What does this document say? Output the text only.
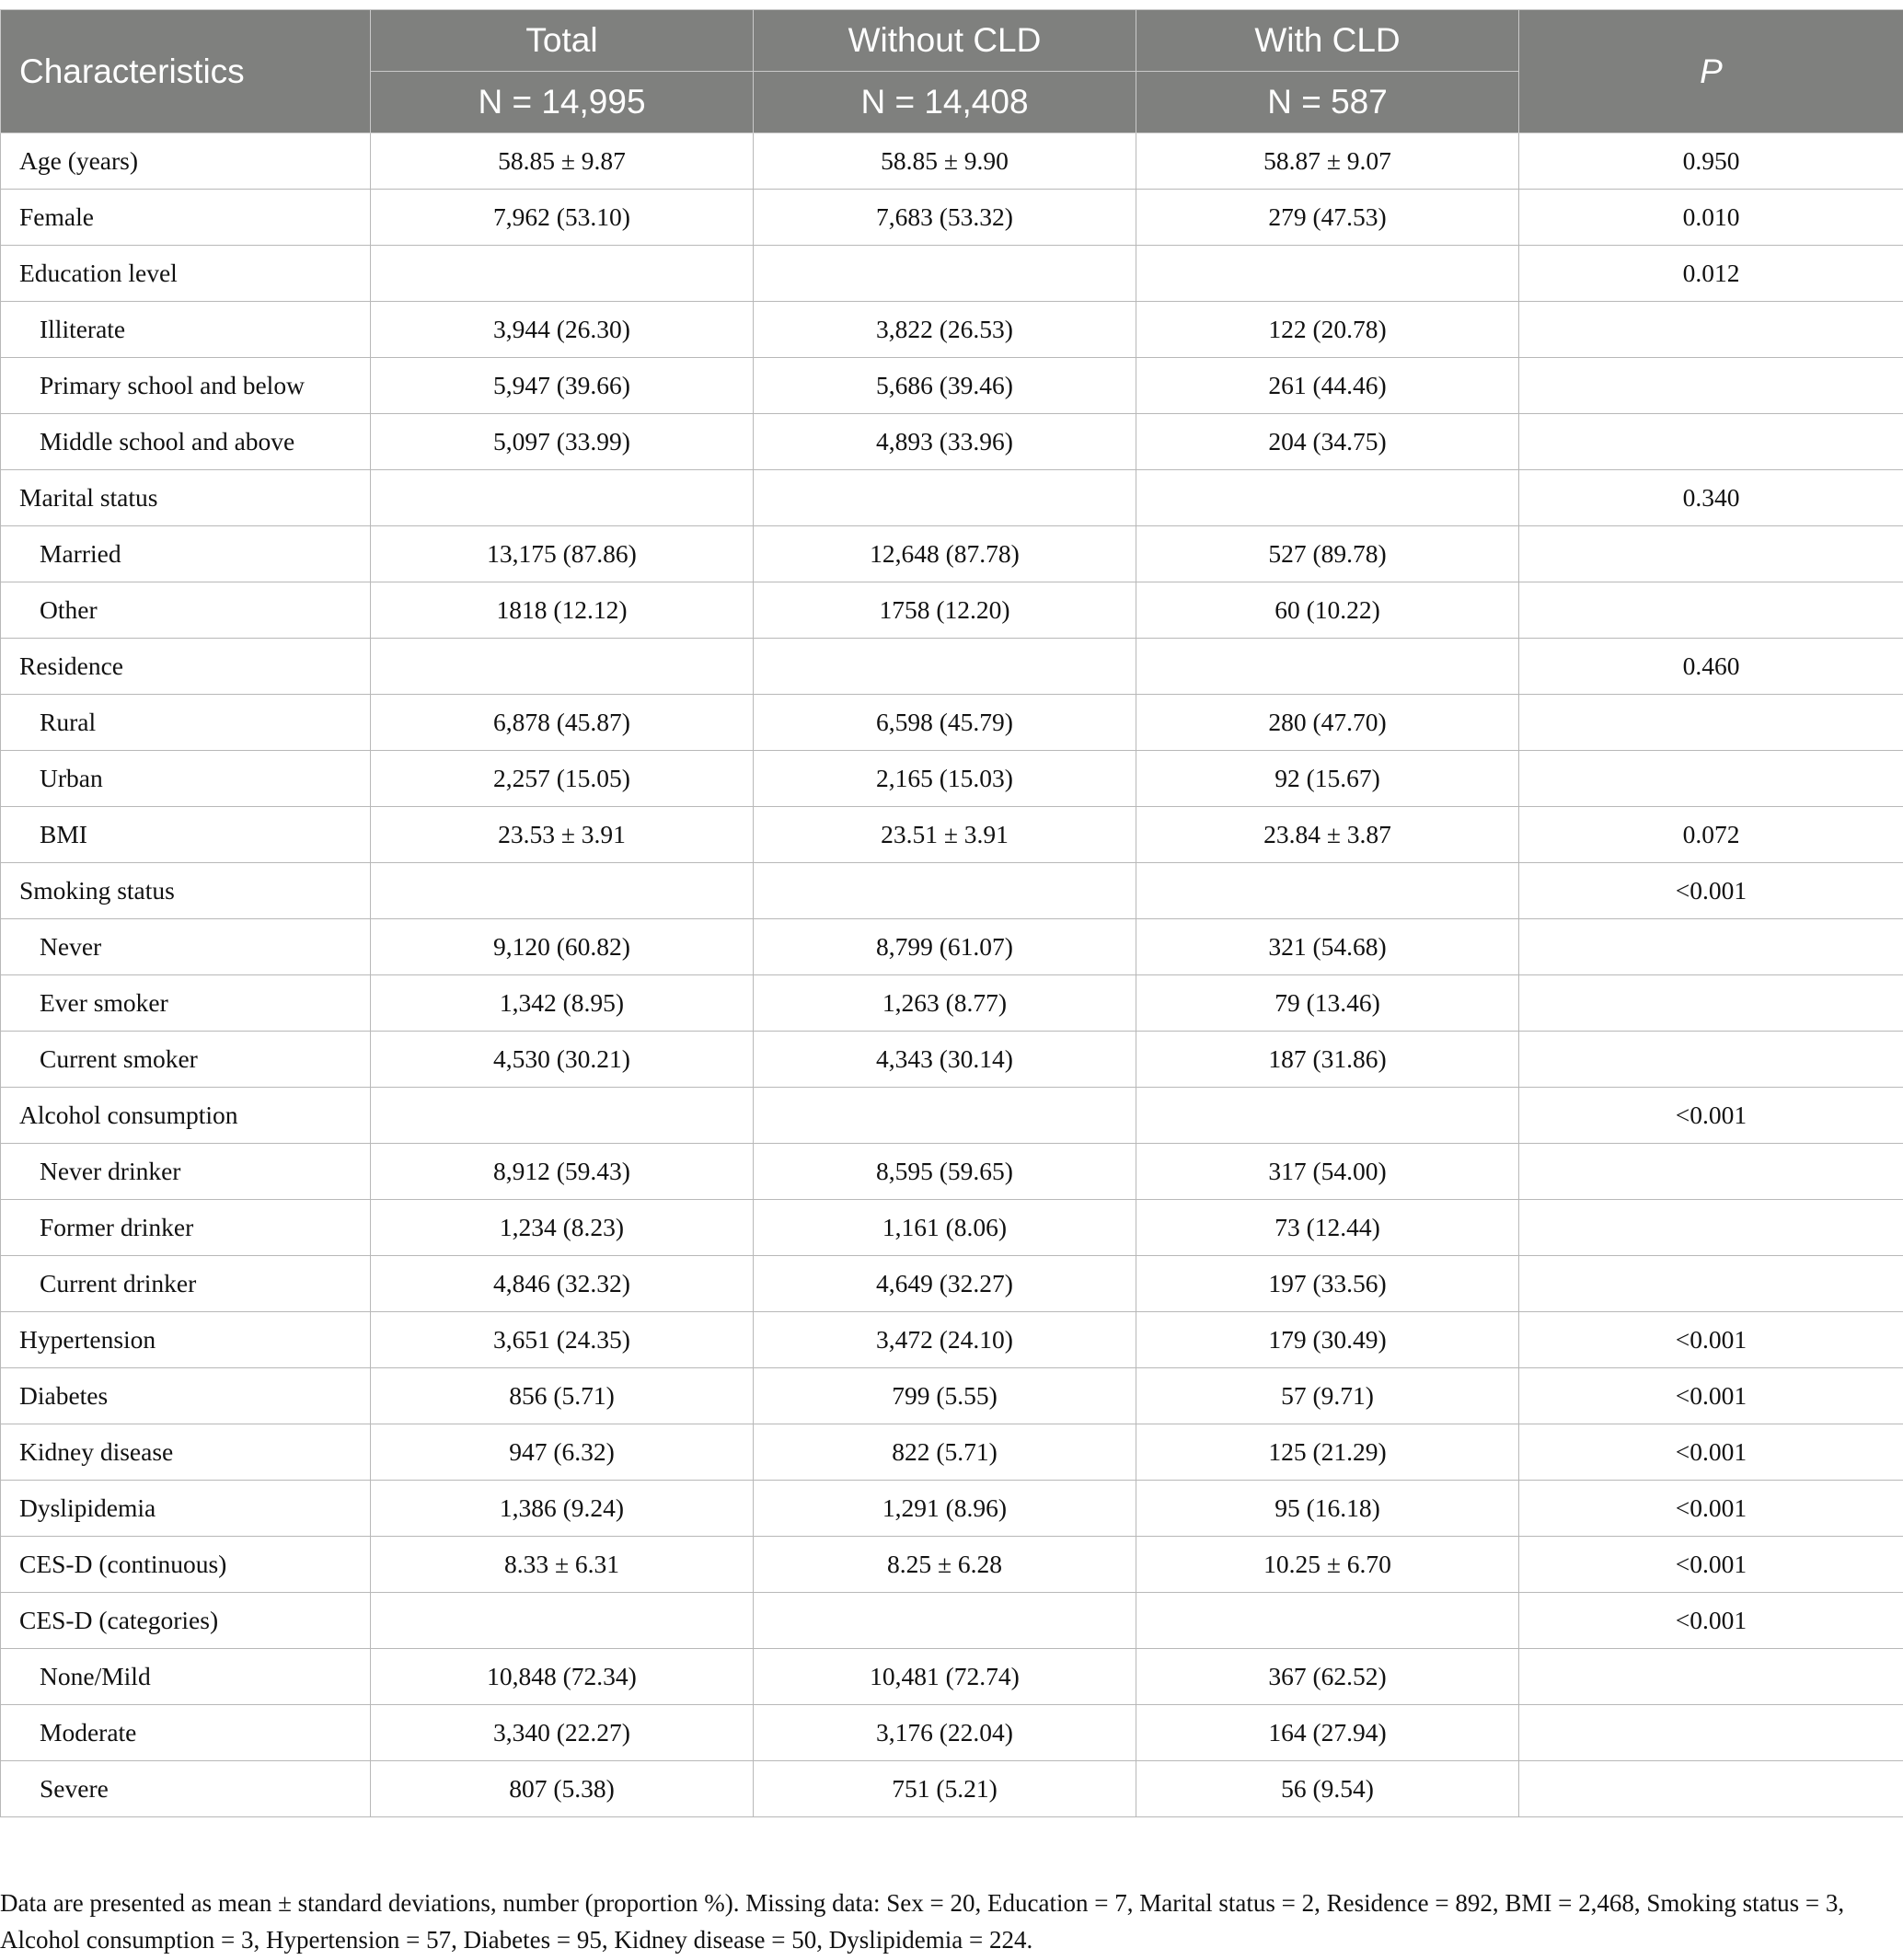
Characteristics	Total	Without CLD	With CLD	P
	N = 14,995	N = 14,408	N = 587	
Age (years)	58.85 ± 9.87	58.85 ± 9.90	58.87 ± 9.07	0.950
Female	7,962 (53.10)	7,683 (53.32)	279 (47.53)	0.010
Education level				0.012
Illiterate	3,944 (26.30)	3,822 (26.53)	122 (20.78)	
Primary school and below	5,947 (39.66)	5,686 (39.46)	261 (44.46)	
Middle school and above	5,097 (33.99)	4,893 (33.96)	204 (34.75)	
Marital status				0.340
Married	13,175 (87.86)	12,648 (87.78)	527 (89.78)	
Other	1818 (12.12)	1758 (12.20)	60 (10.22)	
Residence				0.460
Rural	6,878 (45.87)	6,598 (45.79)	280 (47.70)	
Urban	2,257 (15.05)	2,165 (15.03)	92 (15.67)	
BMI	23.53 ± 3.91	23.51 ± 3.91	23.84 ± 3.87	0.072
Smoking status				<0.001
Never	9,120 (60.82)	8,799 (61.07)	321 (54.68)	
Ever smoker	1,342 (8.95)	1,263 (8.77)	79 (13.46)	
Current smoker	4,530 (30.21)	4,343 (30.14)	187 (31.86)	
Alcohol consumption				<0.001
Never drinker	8,912 (59.43)	8,595 (59.65)	317 (54.00)	
Former drinker	1,234 (8.23)	1,161 (8.06)	73 (12.44)	
Current drinker	4,846 (32.32)	4,649 (32.27)	197 (33.56)	
Hypertension	3,651 (24.35)	3,472 (24.10)	179 (30.49)	<0.001
Diabetes	856 (5.71)	799 (5.55)	57 (9.71)	<0.001
Kidney disease	947 (6.32)	822 (5.71)	125 (21.29)	<0.001
Dyslipidemia	1,386 (9.24)	1,291 (8.96)	95 (16.18)	<0.001
CES-D (continuous)	8.33 ± 6.31	8.25 ± 6.28	10.25 ± 6.70	<0.001
CES-D (categories)				<0.001
None/Mild	10,848 (72.34)	10,481 (72.74)	367 (62.52)	
Moderate	3,340 (22.27)	3,176 (22.04)	164 (27.94)	
Severe	807 (5.38)	751 (5.21)	56 (9.54)	
Data are presented as mean ± standard deviations, number (proportion %). Missing data: Sex = 20, Education = 7, Marital status = 2, Residence = 892, BMI = 2,468, Smoking status = 3, Alcohol consumption = 3, Hypertension = 57, Diabetes = 95, Kidney disease = 50, Dyslipidemia = 224.
